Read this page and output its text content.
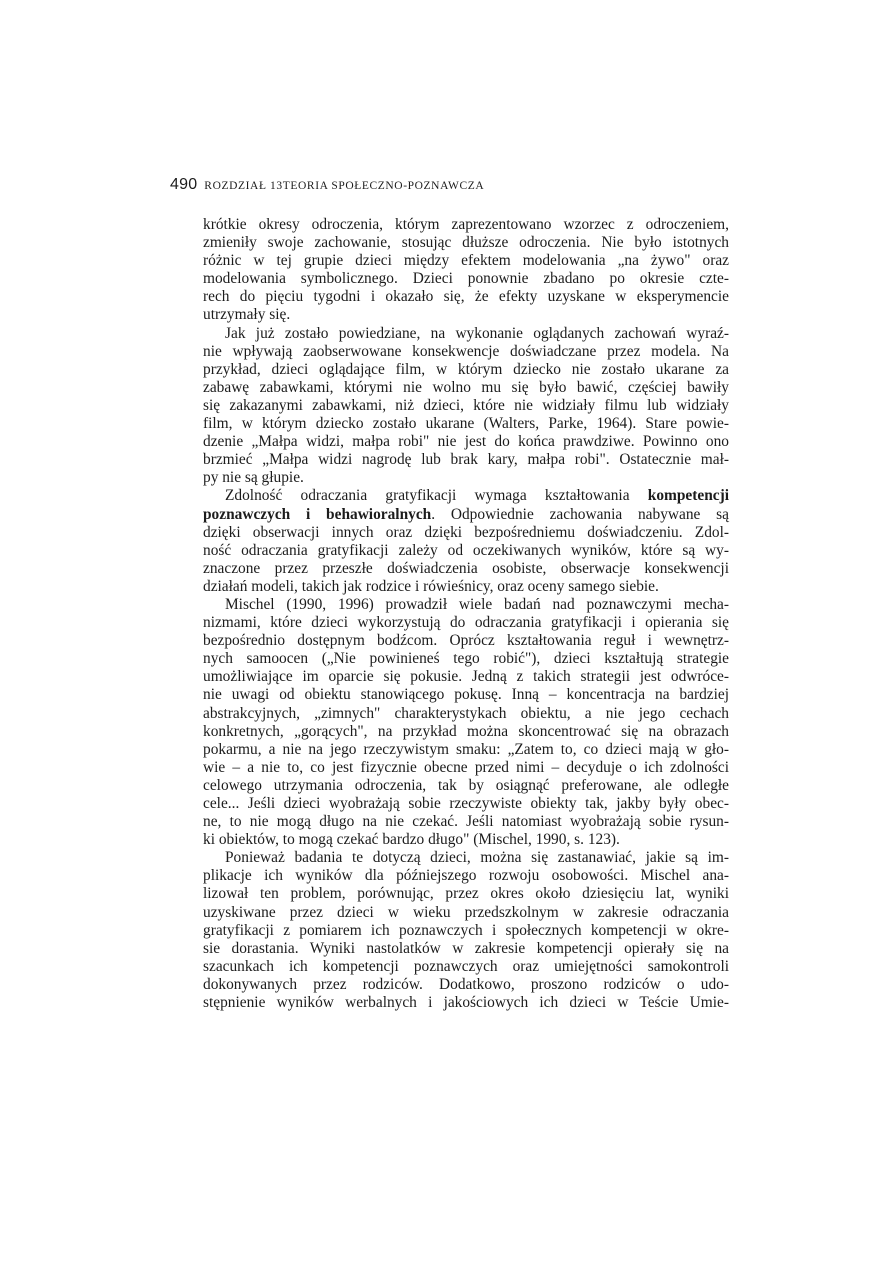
490 ROZDZIAŁ 13TEORIA SPOŁECZNO-POZNAWCZA
krótkie okresy odroczenia, którym zaprezentowano wzorzec z odroczeniem,
zmieniły swoje zachowanie, stosując dłuższe odroczenia. Nie było istotnych
różnic w tej grupie dzieci między efektem modelowania „na żywo" oraz
modelowania symbolicznego. Dzieci ponownie zbadano po okresie czte-
rech do pięciu tygodni i okazało się, że efekty uzyskane w eksperymencie
utrzymały się.
Jak już zostało powiedziane, na wykonanie oglądanych zachowań wyraź-
nie wpływają zaobserwowane konsekwencje doświadczane przez modela. Na
przykład, dzieci oglądające film, w którym dziecko nie zostało ukarane za
zabawę zabawkami, którymi nie wolno mu się było bawić, częściej bawiły
się zakazanymi zabawkami, niż dzieci, które nie widziały filmu lub widziały
film, w którym dziecko zostało ukarane (Walters, Parke, 1964). Stare powie-
dzenie „Małpa widzi, małpa robi" nie jest do końca prawdziwe. Powinno ono
brzmieć „Małpa widzi nagrodę lub brak kary, małpa robi". Ostatecznie mał-
py nie są głupie.
Zdolność odraczania gratyfikacji wymaga kształtowania kompetencji
poznawczych i behawioralnych. Odpowiednie zachowania nabywane są
dzięki obserwacji innych oraz dzięki bezpośredniemu doświadczeniu. Zdol-
ność odraczania gratyfikacji zależy od oczekiwanych wyników, które są wy-
znaczone przez przeszłe doświadczenia osobiste, obserwacje konsekwencji
działań modeli, takich jak rodzice i rówieśnicy, oraz oceny samego siebie.
Mischel (1990, 1996) prowadził wiele badań nad poznawczymi mecha-
nizmami, które dzieci wykorzystują do odraczania gratyfikacji i opierania się
bezpośrednio dostępnym bodźcom. Oprócz kształtowania reguł i wewnętrz-
nych samoocen („Nie powinieneś tego robić"), dzieci kształtują strategie
umożliwiające im oparcie się pokusie. Jedną z takich strategii jest odwróce-
nie uwagi od obiektu stanowiącego pokusę. Inną – koncentracja na bardziej
abstrakcyjnych, „zimnych" charakterystykach obiektu, a nie jego cechach
konkretnych, „gorących", na przykład można skoncentrować się na obrazach
pokarmu, a nie na jego rzeczywistym smaku: „Zatem to, co dzieci mają w gło-
wie – a nie to, co jest fizycznie obecne przed nimi – decyduje o ich zdolności
celowego utrzymania odroczenia, tak by osiągnąć preferowane, ale odległe
cele... Jeśli dzieci wyobrażają sobie rzeczywiste obiekty tak, jakby były obec-
ne, to nie mogą długo na nie czekać. Jeśli natomiast wyobrażają sobie rysun-
ki obiektów, to mogą czekać bardzo długo" (Mischel, 1990, s. 123).
Ponieważ badania te dotyczą dzieci, można się zastanawiać, jakie są im-
plikacje ich wyników dla późniejszego rozwoju osobowości. Mischel ana-
lizował ten problem, porównując, przez okres około dziesięciu lat, wyniki
uzyskiwane przez dzieci w wieku przedszkolnym w zakresie odraczania
gratyfikacji z pomiarem ich poznawczych i społecznych kompetencji w okre-
sie dorastania. Wyniki nastolatków w zakresie kompetencji opierały się na
szacunkach ich kompetencji poznawczych oraz umiejętności samokontroli
dokonywanych przez rodziców. Dodatkowo, proszono rodziców o udo-
stępnienie wyników werbalnych i jakościowych ich dzieci w Teście Umie-
